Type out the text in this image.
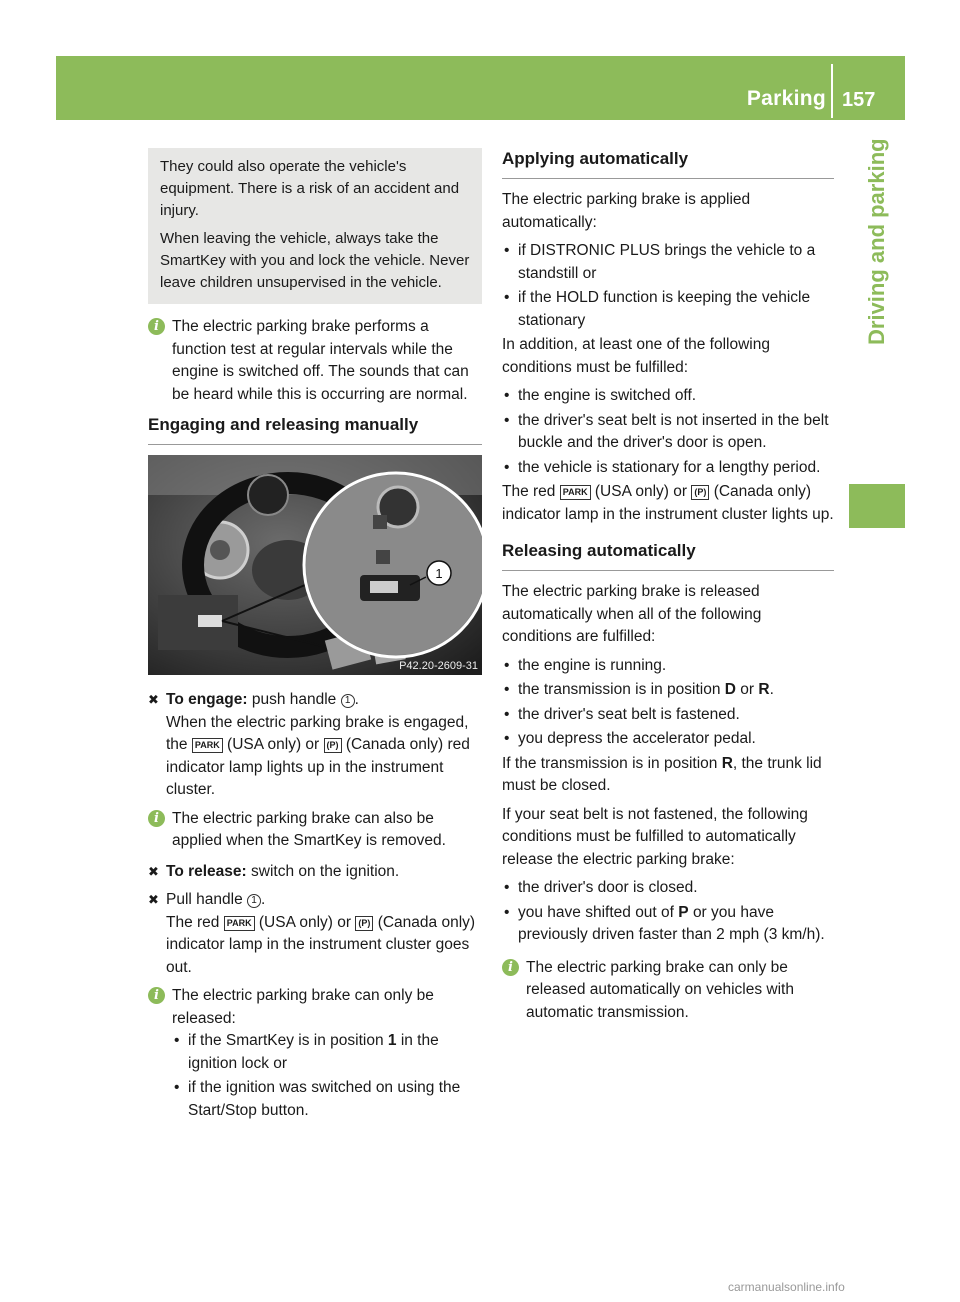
Parking 157
Driving and parking

They could also operate the vehicle's equipment. There is a risk of an accident and injury.

When leaving the vehicle, always take the SmartKey with you and lock the vehicle. Never leave children unsupervised in the vehicle.

i The electric parking brake performs a function test at regular intervals while the engine is switched off. The sounds that can be heard while this is occurring are normal.
Engaging and releasing manually
1
P42.20-2609-31
✖ To engage: push handle 1 .
When the electric parking brake is engaged, the PARK (USA only) or (P) (Canada only) red indicator lamp lights up in the instrument cluster.
i The electric parking brake can also be applied when the SmartKey is removed.
✖ To release: switch on the ignition.
✖ Pull handle 1 .
The red PARK (USA only) or (P) (Canada only) indicator lamp in the instrument cluster goes out.
i The electric parking brake can only be released:
• if the SmartKey is in position 1 in the ignition lock or
• if the ignition was switched on using the Start/Stop button.
Applying automatically

The electric parking brake is applied automatically:

• if DISTRONIC PLUS brings the vehicle to a standstill or
• if the HOLD function is keeping the vehicle stationary

In addition, at least one of the following conditions must be fulfilled:

• the engine is switched off.
• the driver's seat belt is not inserted in the belt buckle and the driver's door is open.
• the vehicle is stationary for a lengthy period.

The red PARK (USA only) or (P) (Canada only) indicator lamp in the instrument cluster lights up.

Releasing automatically

The electric parking brake is released automatically when all of the following conditions are fulfilled:

• the engine is running.
• the transmission is in position D or R.
• the driver's seat belt is fastened.
• you depress the accelerator pedal.

If the transmission is in position R, the trunk lid must be closed.

If your seat belt is not fastened, the following conditions must be fulfilled to automatically release the electric parking brake:

• the driver's door is closed.
• you have shifted out of P or you have previously driven faster than 2 mph (3 km/h).
i The electric parking brake can only be released automatically on vehicles with automatic transmission.
carmanualsonline.info
